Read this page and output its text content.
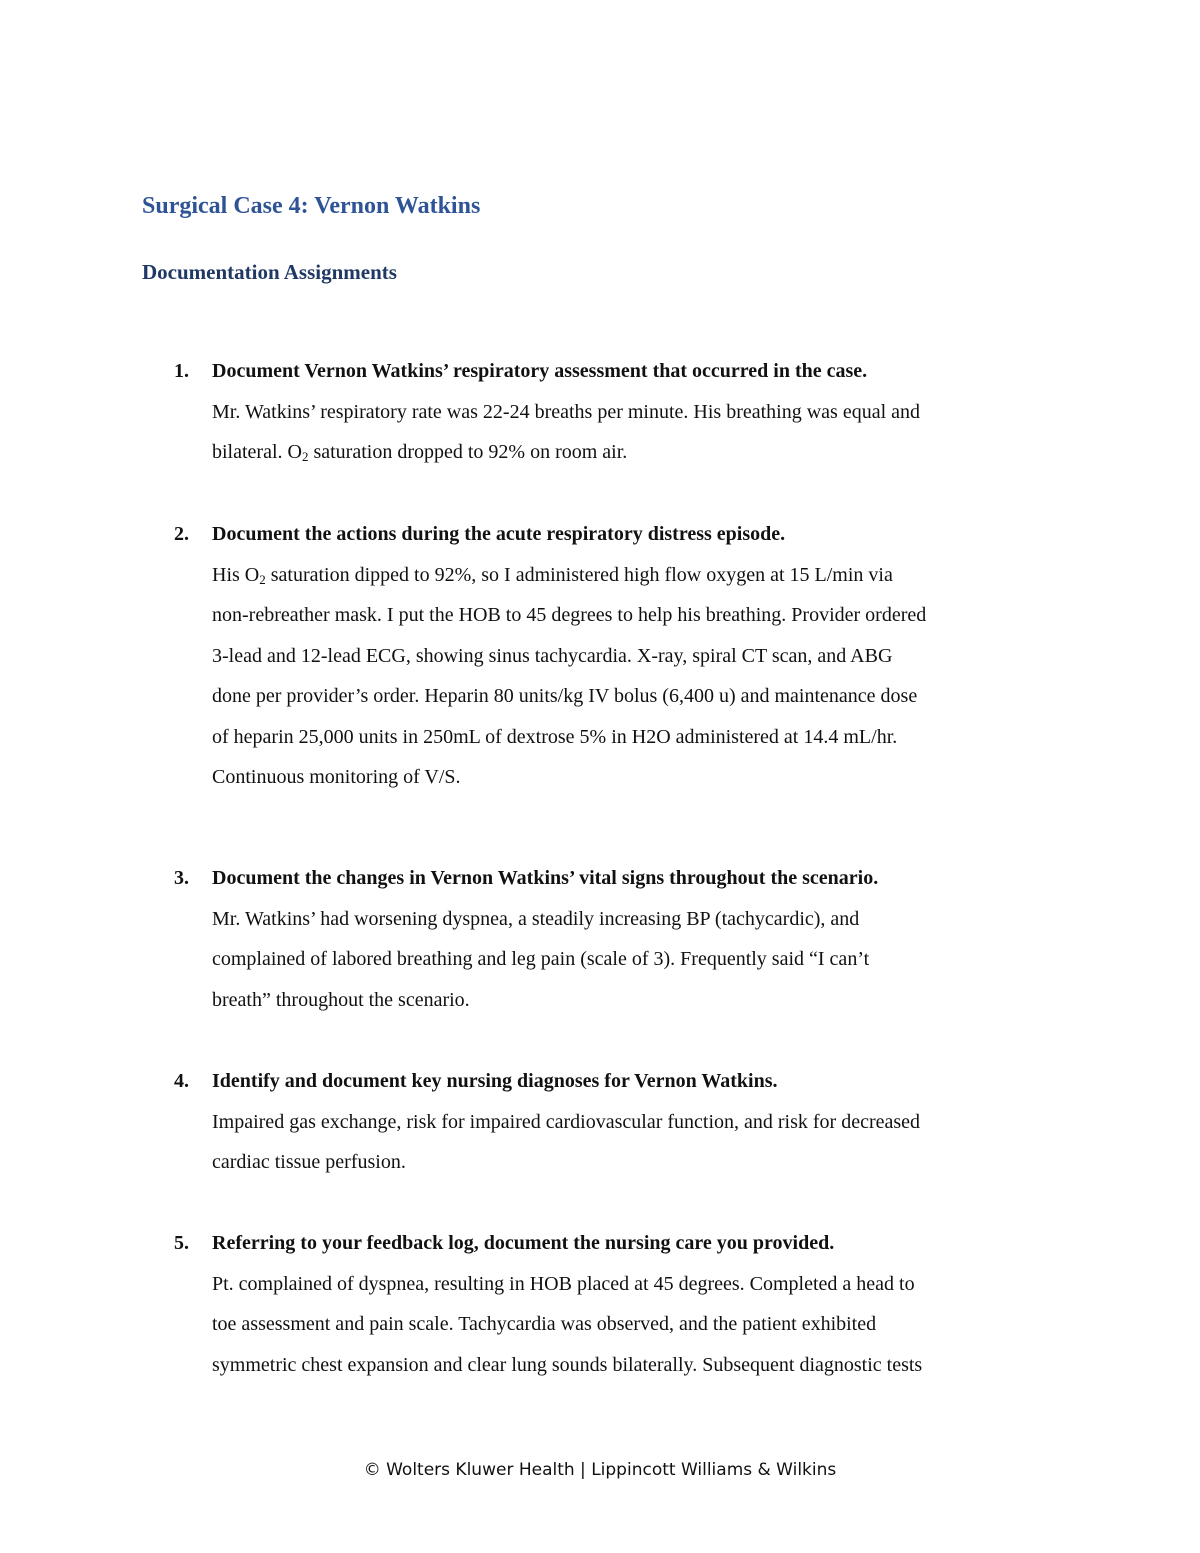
Surgical Case 4: Vernon Watkins
Documentation Assignments
1. Document Vernon Watkins’ respiratory assessment that occurred in the case.
Mr. Watkins’ respiratory rate was 22-24 breaths per minute. His breathing was equal and
bilateral. $O_2$ saturation dropped to 92% on room air.
2. Document the actions during the acute respiratory distress episode.
His $O_2$ saturation dipped to 92%, so I administered high flow oxygen at 15 L/min via
non-rebreather mask. I put the HOB to 45 degrees to help his breathing. Provider ordered
3-lead and 12-lead ECG, showing sinus tachycardia. X-ray, spiral CT scan, and ABG
done per provider’s order. Heparin 80 units/kg IV bolus (6,400 u) and maintenance dose
of heparin 25,000 units in 250mL of dextrose 5% in H2O administered at 14.4 mL/hr.
Continuous monitoring of V/S.
3. Document the changes in Vernon Watkins’ vital signs throughout the scenario.
Mr. Watkins’ had worsening dyspnea, a steadily increasing BP (tachycardic), and
complained of labored breathing and leg pain (scale of 3). Frequently said “I can’t
breath” throughout the scenario.
4. Identify and document key nursing diagnoses for Vernon Watkins.
Impaired gas exchange, risk for impaired cardiovascular function, and risk for decreased
cardiac tissue perfusion.
5. Referring to your feedback log, document the nursing care you provided.
Pt. complained of dyspnea, resulting in HOB placed at 45 degrees. Completed a head to
toe assessment and pain scale. Tachycardia was observed, and the patient exhibited
symmetric chest expansion and clear lung sounds bilaterally. Subsequent diagnostic tests
© Wolters Kluwer Health | Lippincott Williams & Wilkins
